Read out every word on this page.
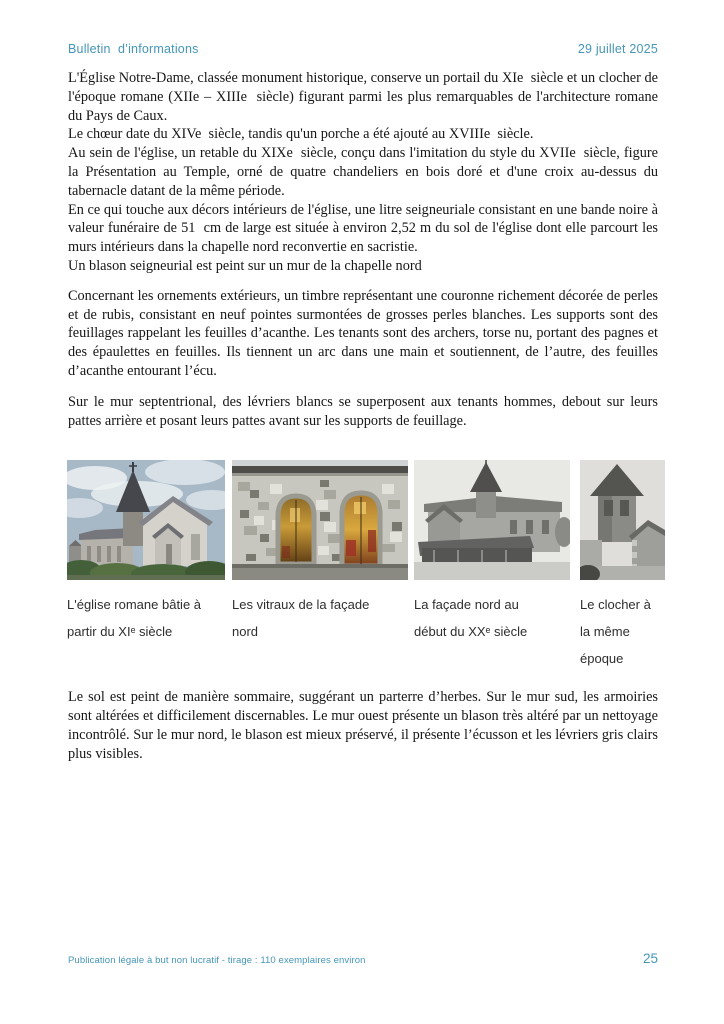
Bulletin  d’informations	29 juillet 2025

L'Église Notre-Dame, classée monument historique, conserve un portail du XIe  siècle et un clocher de l'époque romane (XIIe – XIIIe  siècle) figurant parmi les plus remarquables de l'architecture romane du Pays de Caux.

Le chœur date du XIVe  siècle, tandis qu'un porche a été ajouté au XVIIIe  siècle.

Au sein de l'église, un retable du XIXe  siècle, conçu dans l'imitation du style du XVIIe  siècle, figure la Présentation au Temple, orné de quatre chandeliers en bois doré et d'une croix au-dessus du tabernacle datant de la même période.

En ce qui touche aux décors intérieurs de l'église, une litre seigneuriale consistant en une bande noire à valeur funéraire de 51  cm de large est située à environ 2,52 m du sol de l'église dont elle parcourt les murs intérieurs dans la chapelle nord reconvertie en sacristie.

Un blason seigneurial est peint sur un mur de la chapelle nord

Concernant les ornements extérieurs, un timbre représentant une couronne richement décorée de perles et de rubis, consistant en neuf pointes surmontées de grosses perles blanches. Les supports sont des feuillages rappelant les feuilles d’acanthe. Les tenants sont des archers, torse nu, portant des pagnes et des épaulettes en feuilles. Ils tiennent un arc dans une main et soutiennent, de l’autre, des feuilles d’acanthe entourant l’écu.

Sur le mur septentrional, des lévriers blancs se superposent aux tenants hommes, debout sur leurs pattes arrière et posant leurs pattes avant sur les supports de feuillage.

L'église romane bâtie à partir du XIᵉ siècle
Les vitraux de la façade nord
La façade nord au début du XXᵉ siècle
Le clocher à la même époque

Le sol est peint de manière sommaire, suggérant un parterre d’herbes. Sur le mur sud, les armoiries sont altérées et difficilement discernables. Le mur ouest présente un blason très altéré par un nettoyage incontrôlé. Sur le mur nord, le blason est mieux préservé, il présente l’écusson et les lévriers gris clairs plus visibles.

Publication légale à but non lucratif - tirage : 110 exemplaires environ	25
